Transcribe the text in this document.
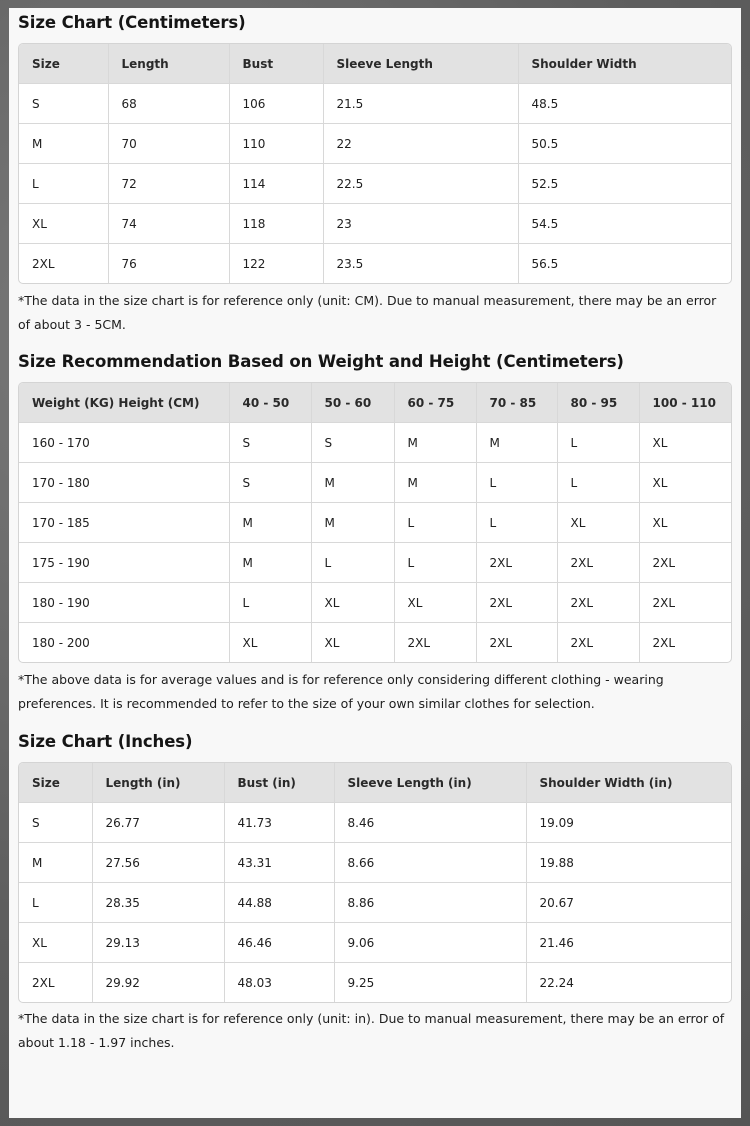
Size Chart (Centimeters)
Size	Length	Bust	Sleeve Length	Shoulder Width
S	68	106	21.5	48.5
M	70	110	22	50.5
L	72	114	22.5	52.5
XL	74	118	23	54.5
2XL	76	122	23.5	56.5

*The data in the size chart is for reference only (unit: CM). Due to manual measurement, there may be an error of about 3 - 5CM.

Size Recommendation Based on Weight and Height (Centimeters)
Weight (KG) Height (CM)	40 - 50	50 - 60	60 - 75	70 - 85	80 - 95	100 - 110
160 - 170	S	S	M	M	L	XL
170 - 180	S	M	M	L	L	XL
170 - 185	M	M	L	L	XL	XL
175 - 190	M	L	L	2XL	2XL	2XL
180 - 190	L	XL	XL	2XL	2XL	2XL
180 - 200	XL	XL	2XL	2XL	2XL	2XL

*The above data is for average values and is for reference only considering different clothing - wearing preferences. It is recommended to refer to the size of your own similar clothes for selection.

Size Chart (Inches)
Size	Length (in)	Bust (in)	Sleeve Length (in)	Shoulder Width (in)
S	26.77	41.73	8.46	19.09
M	27.56	43.31	8.66	19.88
L	28.35	44.88	8.86	20.67
XL	29.13	46.46	9.06	21.46
2XL	29.92	48.03	9.25	22.24

*The data in the size chart is for reference only (unit: in). Due to manual measurement, there may be an error of about 1.18 - 1.97 inches.
